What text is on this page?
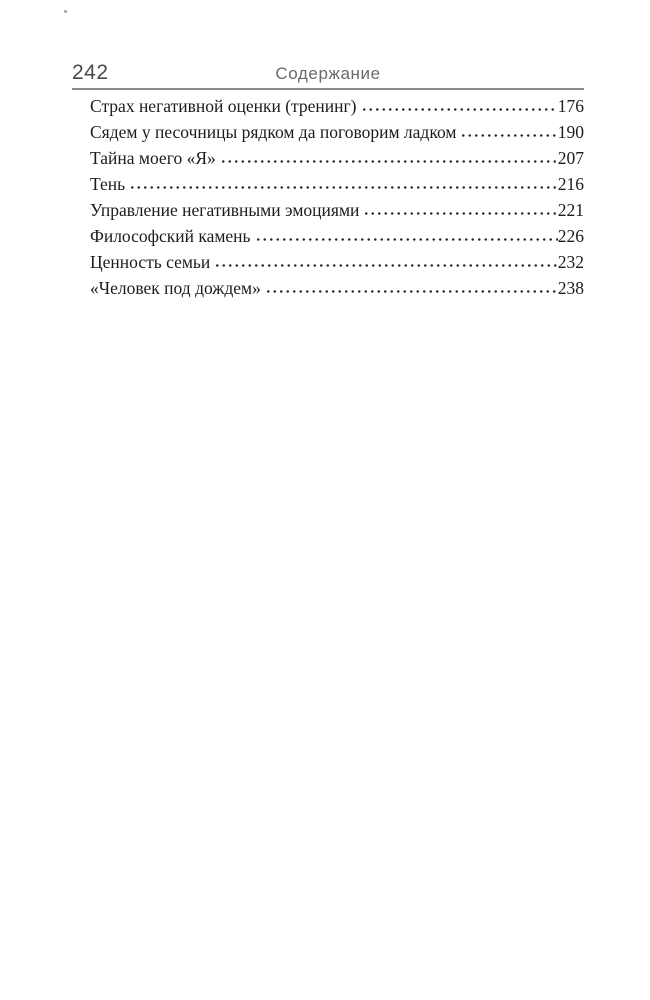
242	Содержание
Страх негативной оценки (тренинг)	176
Сядем у песочницы рядком да поговорим ладком	190
Тайна моего «Я»	207
Тень	216
Управление негативными эмоциями	221
Философский камень	226
Ценность семьи	232
«Человек под дождем»	238
